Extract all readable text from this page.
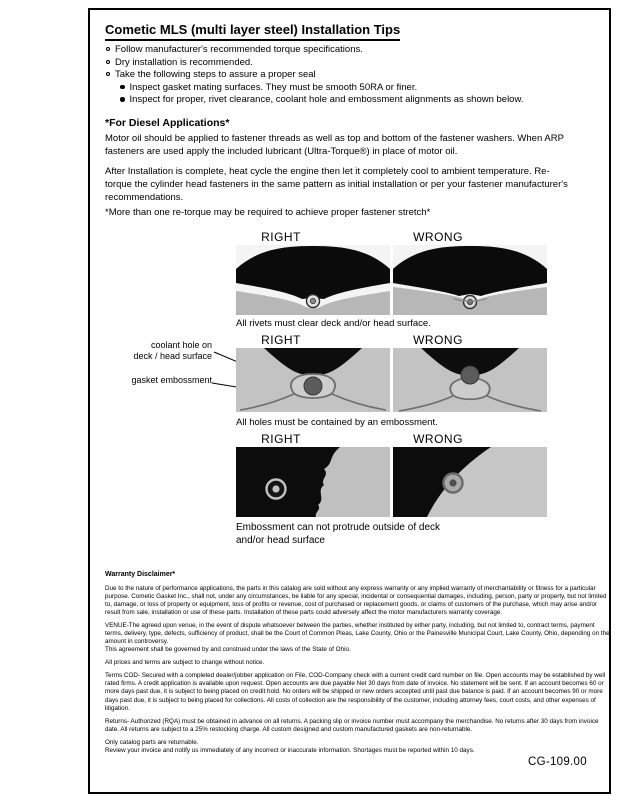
Cometic MLS (multi layer steel) Installation Tips
Follow manufacturer's recommended torque specifications.
Dry installation is recommended.
Take the following steps to assure a proper seal
Inspect gasket mating surfaces. They must be smooth 50RA or finer.
Inspect for proper, rivet clearance, coolant hole and embossment alignments as shown below.
*For Diesel Applications*
Motor oil should be applied to fastener threads as well as top and bottom of the fastener washers. When ARP fasteners are used apply the included lubricant (Ultra-Torque®) in place of motor oil.
After Installation is complete, heat cycle the engine then let it completely cool to ambient temperature. Re-torque the cylinder head fasteners in the same pattern as initial installation or per your fastener manufacturer's recommendations.
*More than one re-torque may be required to achieve proper fastener stretch*
RIGHT	WRONG
All rivets must clear deck and/or head surface.
RIGHT	WRONG
coolant hole on
deck / head surface
gasket embossment
All holes must be contained by an embossment.
RIGHT	WRONG
Embossment can not protrude outside of deck
and/or head surface
Warranty Disclaimer*
Due to the nature of performance applications, the parts in this catalog are sold without any express warranty or any implied warranty of merchantability or fitness for a particular purpose. Cometic Gasket Inc., shall not, under any circumstances, be liable for any special, incidental or consequential damages, including, person, party or property, but not limited to, damage, or loss of property or equipment, loss of profits or revenue, cost of purchased or replacement goods, or claims of customers of the purchase, which may arise and/or result from sale, installation or use of these parts. Installation of these parts could adversely affect the motor manufacturers warranty coverage.
VENUE-The agreed upon venue, in the event of dispute whatsoever between the parties, whether instituted by either party, including, but not limited to, contract terms, payment terms, delivery, type, defects, sufficiency of product, shall be the Court of Common Pleas, Lake County, Ohio or the Painesville Municipal Court, Lake County, Ohio, depending on the amount in controversy.
This agreement shall be governed by and construed under the laws of the State of Ohio.
All prices and terms are subject to change without notice.
Terms COD- Secured with a completed dealer/jobber application on File, COD-Company check with a current credit card number on file. Open accounts may be established by well rated firms. A credit application is available upon request. Open accounts are due payable Net 30 days from date of invoice. No statement will be sent. If an account becomes 60 or more days past due, it is subject to being placed on credit hold. No orders will be shipped or new orders accepted until past due balance is paid. If an account becomes 90 or more days past due, it is subject to being placed for collections. All costs of collection are the responsibility of the customer, including attorney fees, court costs, and other expenses of litigation.
Returns- Authorized (RQA) must be obtained in advance on all returns. A packing slip or invoice number must accompany the merchandise. No returns after 30 days from invoice date. All returns are subject to a 25% restocking charge. All custom designed and custom manufactured gaskets are non-returnable.
Only catalog parts are returnable.
Review your invoice and notify us immediately of any incorrect or inaccurate information. Shortages must be reported within 10 days.
CG-109.00
